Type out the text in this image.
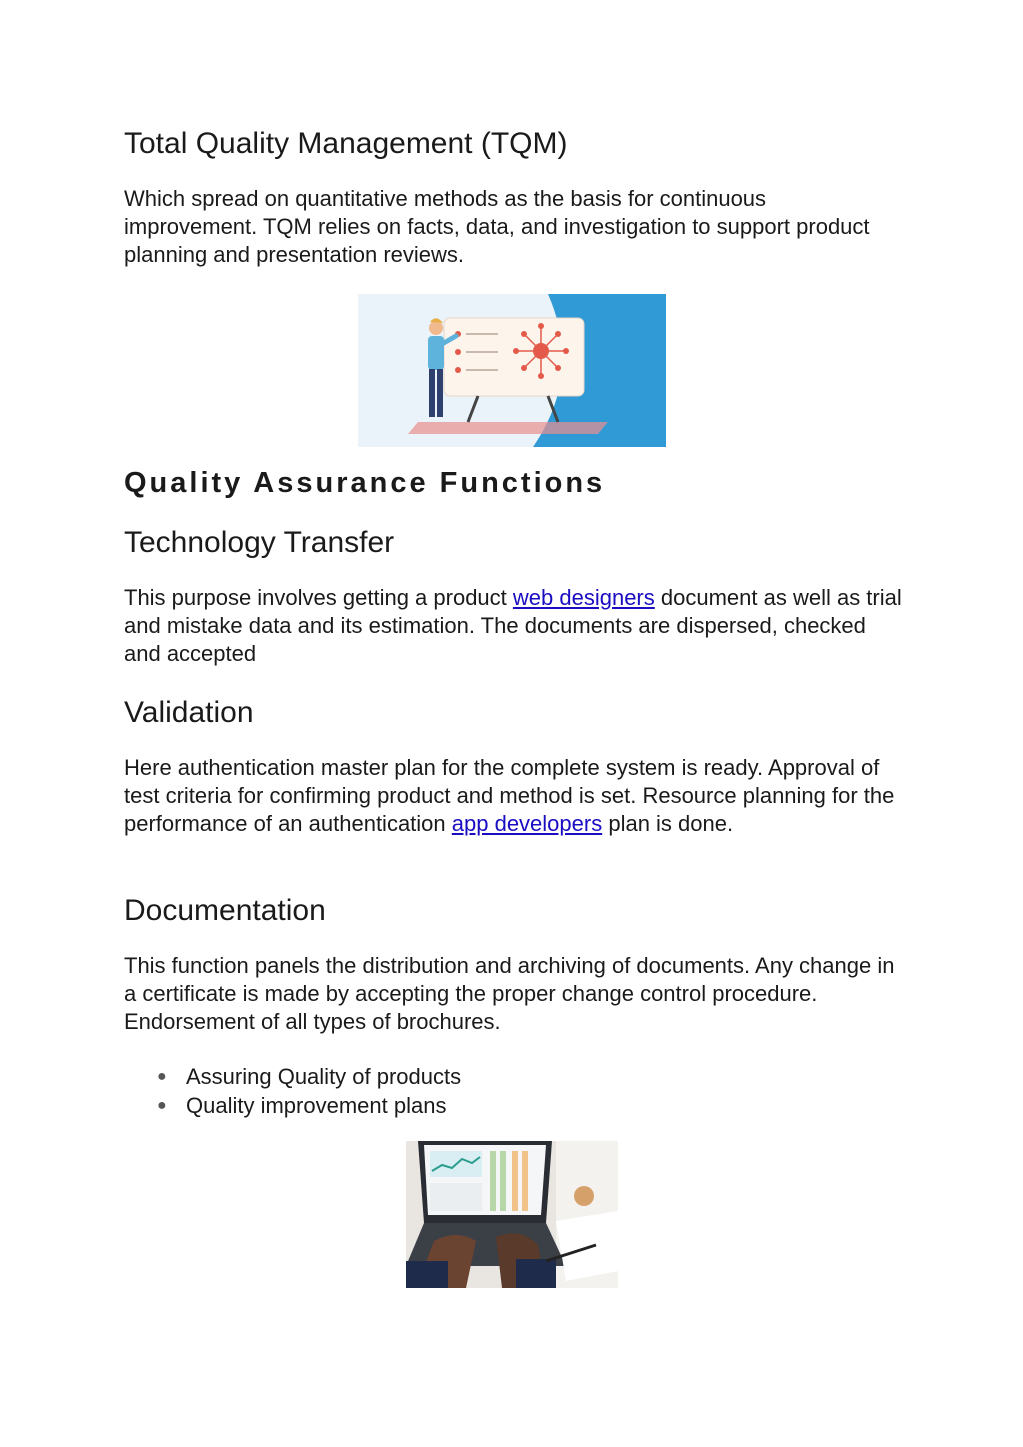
Total Quality Management (TQM)

Which spread on quantitative methods as the basis for continuous improvement. TQM relies on facts, data, and investigation to support product planning and presentation reviews.

Quality Assurance Functions
Technology Transfer

This purpose involves getting a product web designers document as well as trial and mistake data and its estimation. The documents are dispersed, checked and accepted

Validation

Here authentication master plan for the complete system is ready. Approval of test criteria for confirming product and method is set. Resource planning for the performance of an authentication app developers plan is done.

Documentation

This function panels the distribution and archiving of documents. Any change in a certificate is made by accepting the proper change control procedure. Endorsement of all types of brochures.

● Assuring Quality of products
● Quality improvement plans
